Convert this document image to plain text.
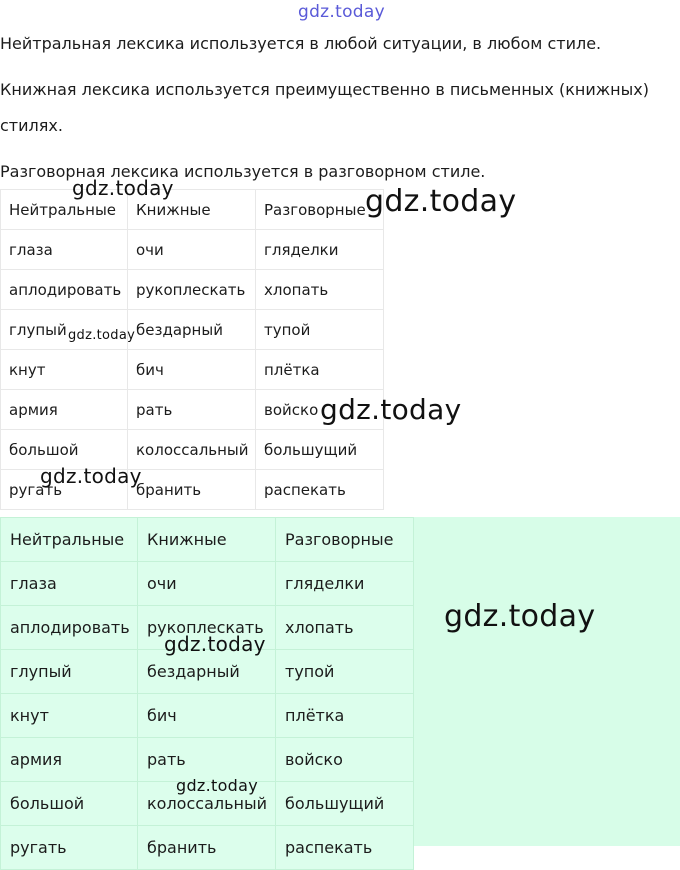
gdz.today

Нейтральная лексика используется в любой ситуации, в любом стиле.

Книжная лексика используется преимущественно в письменных (книжных) стилях.

Разговорная лексика используется в разговорном стиле.

Нейтральные	Книжные	Разговорные
глаза	очи	гляделки
аплодировать	рукоплескать	хлопать
глупый	бездарный	тупой
кнут	бич	плётка
армия	рать	войско
большой	колоссальный	большущий
ругать	бранить	распекать
Нейтральные	Книжные	Разговорные
глаза	очи	гляделки
аплодировать	рукоплескать	хлопать
глупый	бездарный	тупой
кнут	бич	плётка
армия	рать	войско
большой	колоссальный	большущий
ругать	бранить	распекать
gdz.today	gdz.today
gdz.today
gdz.today
gdz.today
gdz.today
gdz.today
gdz.today
